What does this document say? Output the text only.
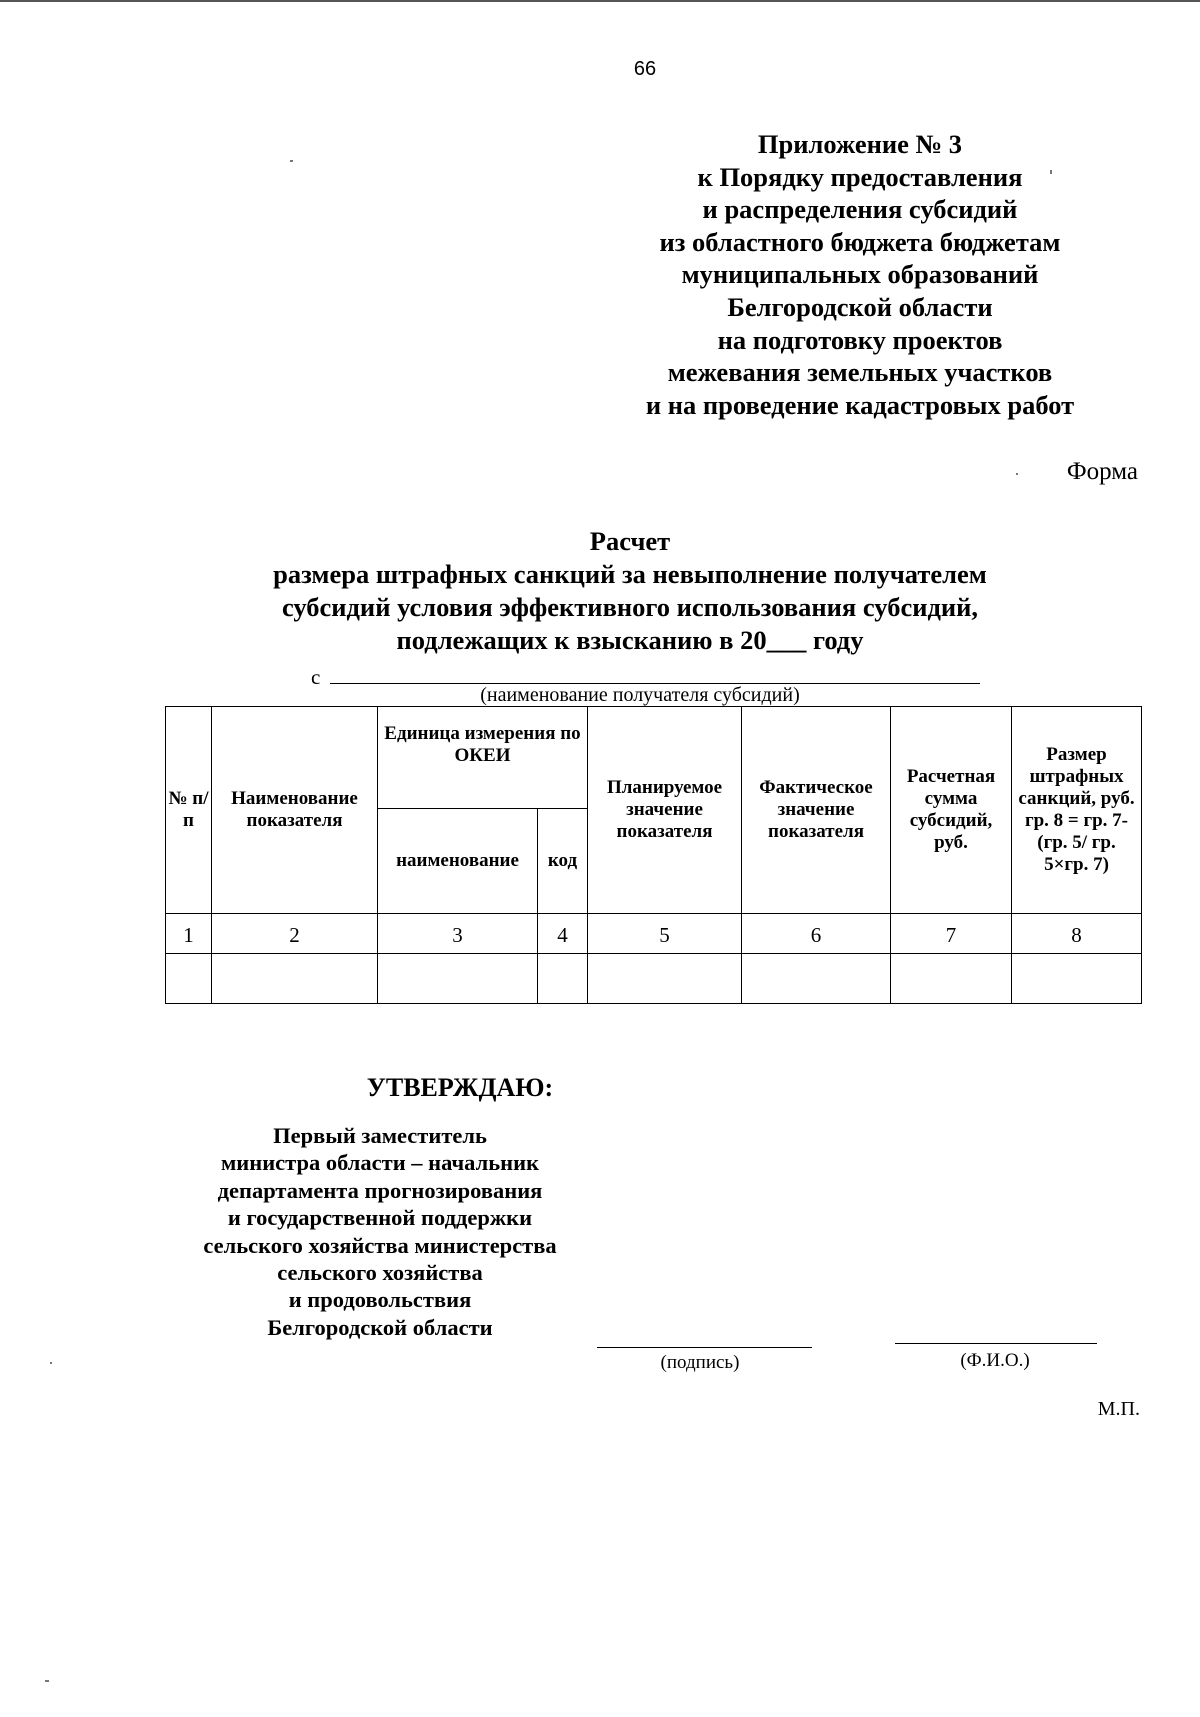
66
Приложение № 3
к Порядку предоставления
и распределения субсидий
из областного бюджета бюджетам
муниципальных образований
Белгородской области
на подготовку проектов
межевания земельных участков
и на проведение кадастровых работ
Форма
Расчет
размера штрафных санкций за невыполнение получателем
субсидий условия эффективного использования субсидий,
подлежащих к взысканию в 20___ году
с
(наименование получателя субсидий)
№ п/п	Наименование показателя	Единица измерения по ОКЕИ		Планируемое значение показателя	Фактическое значение показателя	Расчетная сумма субсидий, руб.	Размер штрафных санкций, руб. гр. 8 = гр. 7- (гр. 5/ гр. 5×гр. 7)
		наименование	код				
1	2	3	4	5	6	7	8

УТВЕРЖДАЮ:
Первый заместитель
министра области – начальник
департамента прогнозирования
и государственной поддержки
сельского хозяйства министерства
сельского хозяйства
и продовольствия
Белгородской области
(подпись)	(Ф.И.О.)
М.П.
